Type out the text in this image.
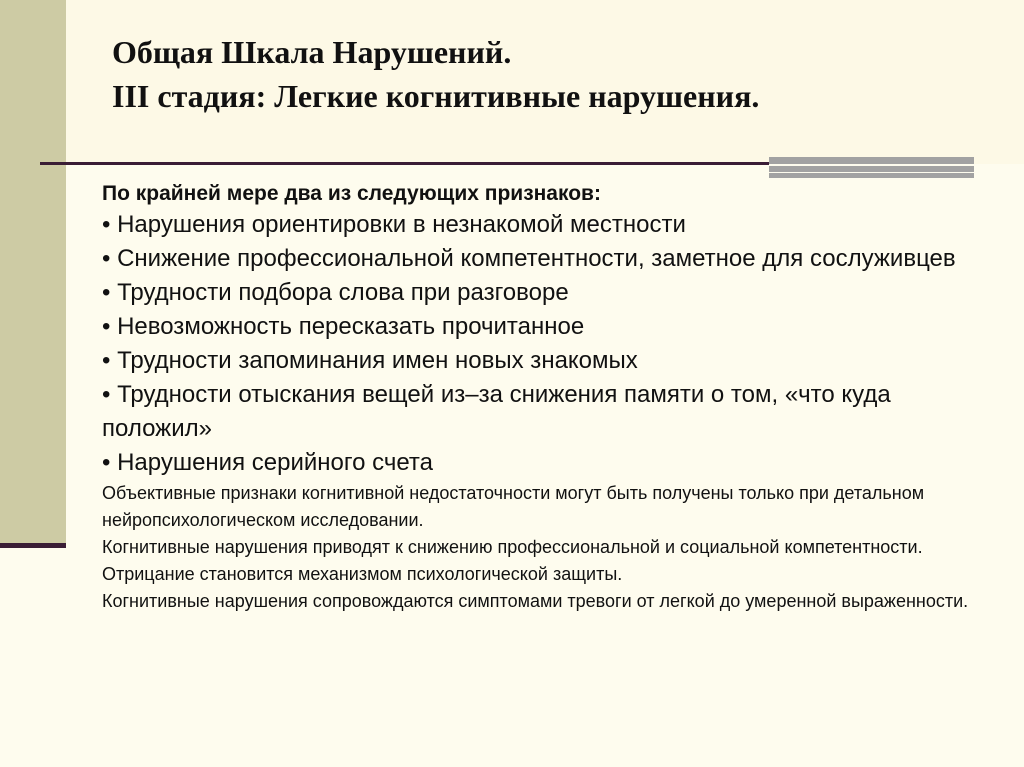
Общая Шкала Нарушений.
III стадия: Легкие когнитивные нарушения.

По крайней мере два из следующих признаков:

• Нарушения ориентировки в незнакомой местности
• Снижение профессиональной компетентности, заметное для сослуживцев
• Трудности подбора слова при разговоре
• Невозможность пересказать прочитанное
• Трудности запоминания имен новых знакомых
• Трудности отыскания вещей из–за снижения памяти о том, «что куда положил»
• Нарушения серийного счета

Объективные признаки когнитивной недостаточности могут быть получены только при детальном нейропсихологическом исследовании.

Когнитивные нарушения приводят к снижению профессиональной и социальной компетентности.

Отрицание становится механизмом психологической защиты.

Когнитивные нарушения сопровождаются симптомами тревоги от легкой до умеренной выраженности.
